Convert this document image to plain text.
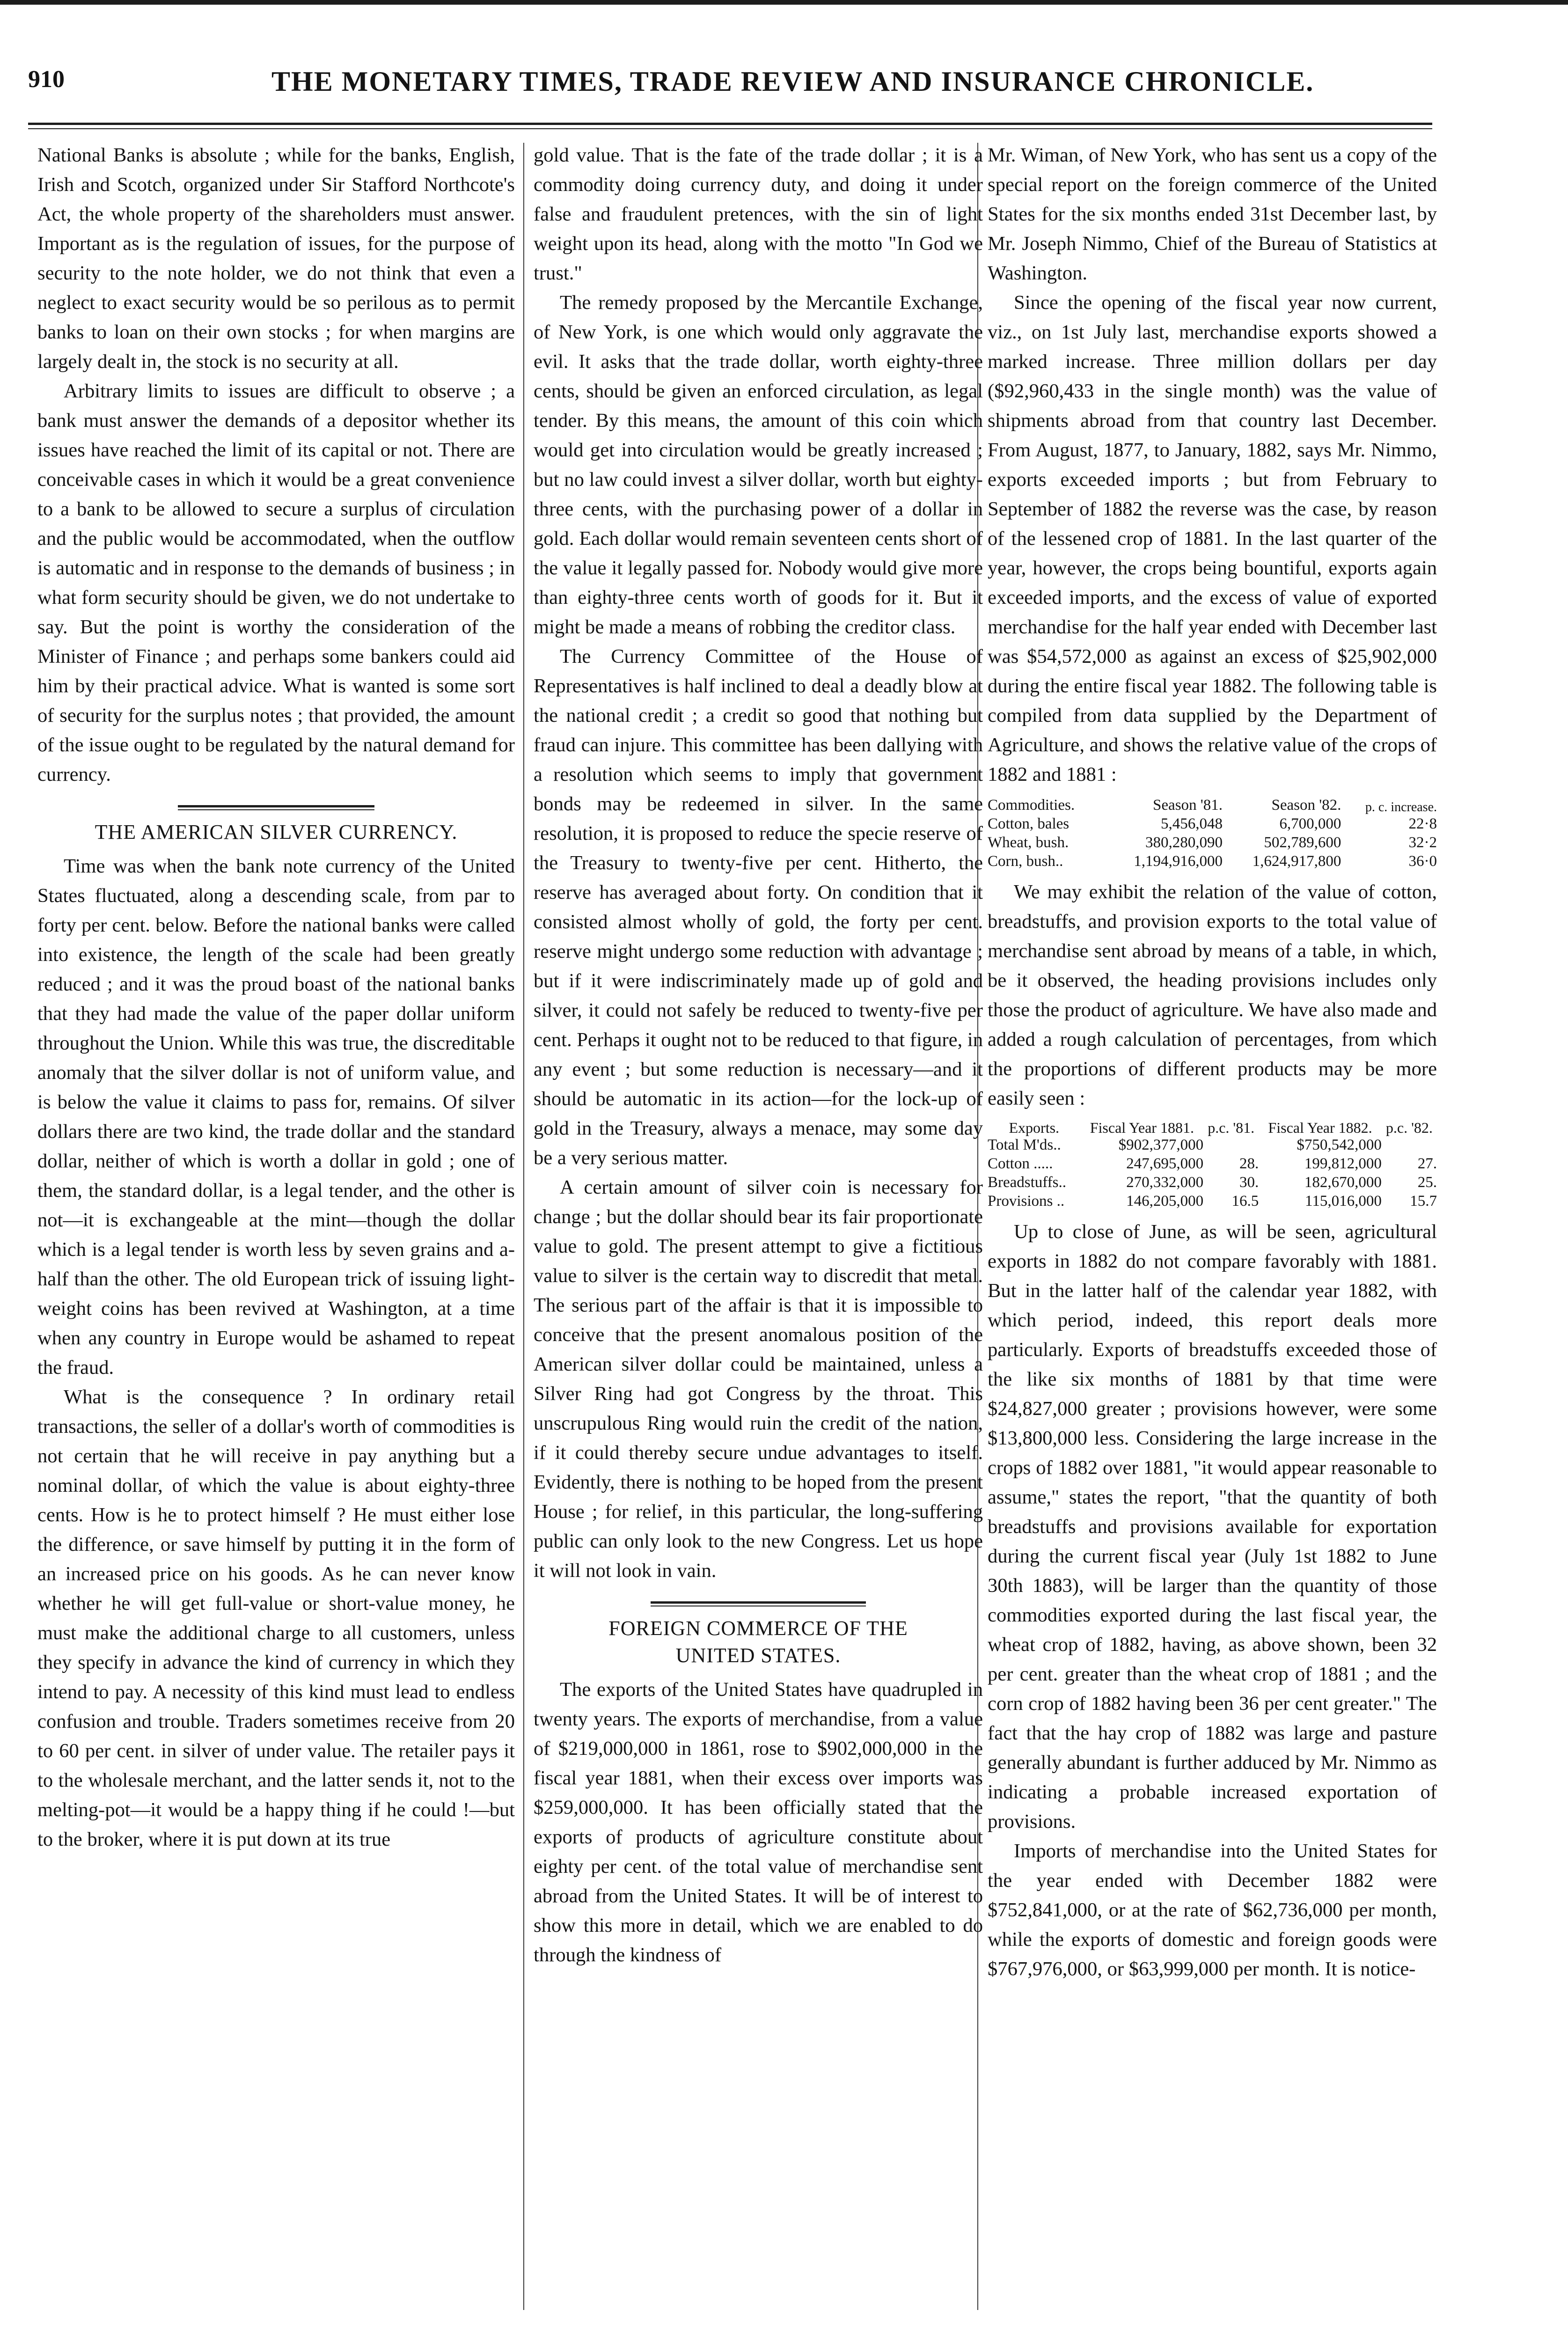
910	THE MONETARY TIMES, TRADE REVIEW AND INSURANCE CHRONICLE.

National Banks is absolute ; while for the banks, English, Irish and Scotch, organized under Sir Stafford Northcote's Act, the whole property of the shareholders must answer. Important as is the regulation of issues, for the purpose of security to the note holder, we do not think that even a neglect to exact security would be so perilous as to permit banks to loan on their own stocks ; for when margins are largely dealt in, the stock is no security at all.

Arbitrary limits to issues are difficult to observe ; a bank must answer the demands of a depositor whether its issues have reached the limit of its capital or not. There are conceivable cases in which it would be a great convenience to a bank to be allowed to secure a surplus of circulation and the public would be accommodated, when the outflow is automatic and in response to the demands of business ; in what form security should be given, we do not undertake to say. But the point is worthy the consideration of the Minister of Finance ; and perhaps some bankers could aid him by their practical advice. What is wanted is some sort of security for the surplus notes ; that provided, the amount of the issue ought to be regulated by the natural demand for currency.

THE AMERICAN SILVER CURRENCY.

Time was when the bank note currency of the United States fluctuated, along a descending scale, from par to forty per cent. below. Before the national banks were called into existence, the length of the scale had been greatly reduced ; and it was the proud boast of the national banks that they had made the value of the paper dollar uniform throughout the Union. While this was true, the discreditable anomaly that the silver dollar is not of uniform value, and is below the value it claims to pass for, remains. Of silver dollars there are two kind, the trade dollar and the standard dollar, neither of which is worth a dollar in gold ; one of them, the standard dollar, is a legal tender, and the other is not—it is exchangeable at the mint—though the dollar which is a legal tender is worth less by seven grains and a-half than the other. The old European trick of issuing light-weight coins has been revived at Washington, at a time when any country in Europe would be ashamed to repeat the fraud.

What is the consequence ? In ordinary retail transactions, the seller of a dollar's worth of commodities is not certain that he will receive in pay anything but a nominal dollar, of which the value is about eighty-three cents. How is he to protect himself ? He must either lose the difference, or save himself by putting it in the form of an increased price on his goods. As he can never know whether he will get full-value or short-value money, he must make the additional charge to all customers, unless they specify in advance the kind of currency in which they intend to pay. A necessity of this kind must lead to endless confusion and trouble. Traders sometimes receive from 20 to 60 per cent. in silver of under value. The retailer pays it to the wholesale merchant, and the latter sends it, not to the melting-pot—it would be a happy thing if he could !—but to the broker, where it is put down at its true

gold value. That is the fate of the trade dollar ; it is a commodity doing currency duty, and doing it under false and fraudulent pretences, with the sin of light weight upon its head, along with the motto "In God we trust."

The remedy proposed by the Mercantile Exchange, of New York, is one which would only aggravate the evil. It asks that the trade dollar, worth eighty-three cents, should be given an enforced circulation, as legal tender. By this means, the amount of this coin which would get into circulation would be greatly increased ; but no law could invest a silver dollar, worth but eighty-three cents, with the purchasing power of a dollar in gold. Each dollar would remain seventeen cents short of the value it legally passed for. Nobody would give more than eighty-three cents worth of goods for it. But it might be made a means of robbing the creditor class.

The Currency Committee of the House of Representatives is half inclined to deal a deadly blow at the national credit ; a credit so good that nothing but fraud can injure. This committee has been dallying with a resolution which seems to imply that government bonds may be redeemed in silver. In the same resolution, it is proposed to reduce the specie reserve of the Treasury to twenty-five per cent. Hitherto, the reserve has averaged about forty. On condition that it consisted almost wholly of gold, the forty per cent. reserve might undergo some reduction with advantage ; but if it were indiscriminately made up of gold and silver, it could not safely be reduced to twenty-five per cent. Perhaps it ought not to be reduced to that figure, in any event ; but some reduction is necessary—and it should be automatic in its action—for the lock-up of gold in the Treasury, always a menace, may some day be a very serious matter.

A certain amount of silver coin is necessary for change ; but the dollar should bear its fair proportionate value to gold. The present attempt to give a fictitious value to silver is the certain way to discredit that metal. The serious part of the affair is that it is impossible to conceive that the present anomalous position of the American silver dollar could be maintained, unless a Silver Ring had got Congress by the throat. This unscrupulous Ring would ruin the credit of the nation, if it could thereby secure undue advantages to itself. Evidently, there is nothing to be hoped from the present House ; for relief, in this particular, the long-suffering public can only look to the new Congress. Let us hope it will not look in vain.

FOREIGN COMMERCE OF THE
UNITED STATES.

The exports of the United States have quadrupled in twenty years. The exports of merchandise, from a value of $219,000,000 in 1861, rose to $902,000,000 in the fiscal year 1881, when their excess over imports was $259,000,000. It has been officially stated that the exports of products of agriculture constitute about eighty per cent. of the total value of merchandise sent abroad from the United States. It will be of interest to show this more in detail, which we are enabled to do through the kindness of

Mr. Wiman, of New York, who has sent us a copy of the special report on the foreign commerce of the United States for the six months ended 31st December last, by Mr. Joseph Nimmo, Chief of the Bureau of Statistics at Washington.

Since the opening of the fiscal year now current, viz., on 1st July last, merchandise exports showed a marked increase. Three million dollars per day ($92,960,433 in the single month) was the value of shipments abroad from that country last December. From August, 1877, to January, 1882, says Mr. Nimmo, exports exceeded imports ; but from February to September of 1882 the reverse was the case, by reason of the lessened crop of 1881. In the last quarter of the year, however, the crops being bountiful, exports again exceeded imports, and the excess of value of exported merchandise for the half year ended with December last was $54,572,000 as against an excess of $25,902,000 during the entire fiscal year 1882. The following table is compiled from data supplied by the Department of Agriculture, and shows the relative value of the crops of 1882 and 1881 :

Commodities.	Season '81.	Season '82.	p. c. increase.
Cotton, bales	5,456,048	6,700,000	22·8
Wheat, bush.	380,280,090	502,789,600	32·2
Corn, bush..	1,194,916,000	1,624,917,800	36·0

We may exhibit the relation of the value of cotton, breadstuffs, and provision exports to the total value of merchandise sent abroad by means of a table, in which, be it observed, the heading provisions includes only those the product of agriculture. We have also made and added a rough calculation of percentages, from which the proportions of different products may be more easily seen :

Exports.	Fiscal Year 1881.	p.c. '81.	Fiscal Year 1882.	p.c. '82.
Total M'ds..	$902,377,000		$750,542,000	
Cotton .....	247,695,000	28.	199,812,000	27.
Breadstuffs..	270,332,000	30.	182,670,000	25.
Provisions ..	146,205,000	16.5	115,016,000	15.7

Up to close of June, as will be seen, agricultural exports in 1882 do not compare favorably with 1881. But in the latter half of the calendar year 1882, with which period, indeed, this report deals more particularly. Exports of breadstuffs exceeded those of the like six months of 1881 by that time were $24,827,000 greater ; provisions however, were some $13,800,000 less. Considering the large increase in the crops of 1882 over 1881, "it would appear reasonable to assume," states the report, "that the quantity of both breadstuffs and provisions available for exportation during the current fiscal year (July 1st 1882 to June 30th 1883), will be larger than the quantity of those commodities exported during the last fiscal year, the wheat crop of 1882, having, as above shown, been 32 per cent. greater than the wheat crop of 1881 ; and the corn crop of 1882 having been 36 per cent greater." The fact that the hay crop of 1882 was large and pasture generally abundant is further adduced by Mr. Nimmo as indicating a probable increased exportation of provisions.

Imports of merchandise into the United States for the year ended with December 1882 were $752,841,000, or at the rate of $62,736,000 per month, while the exports of domestic and foreign goods were $767,976,000, or $63,999,000 per month. It is notice-
